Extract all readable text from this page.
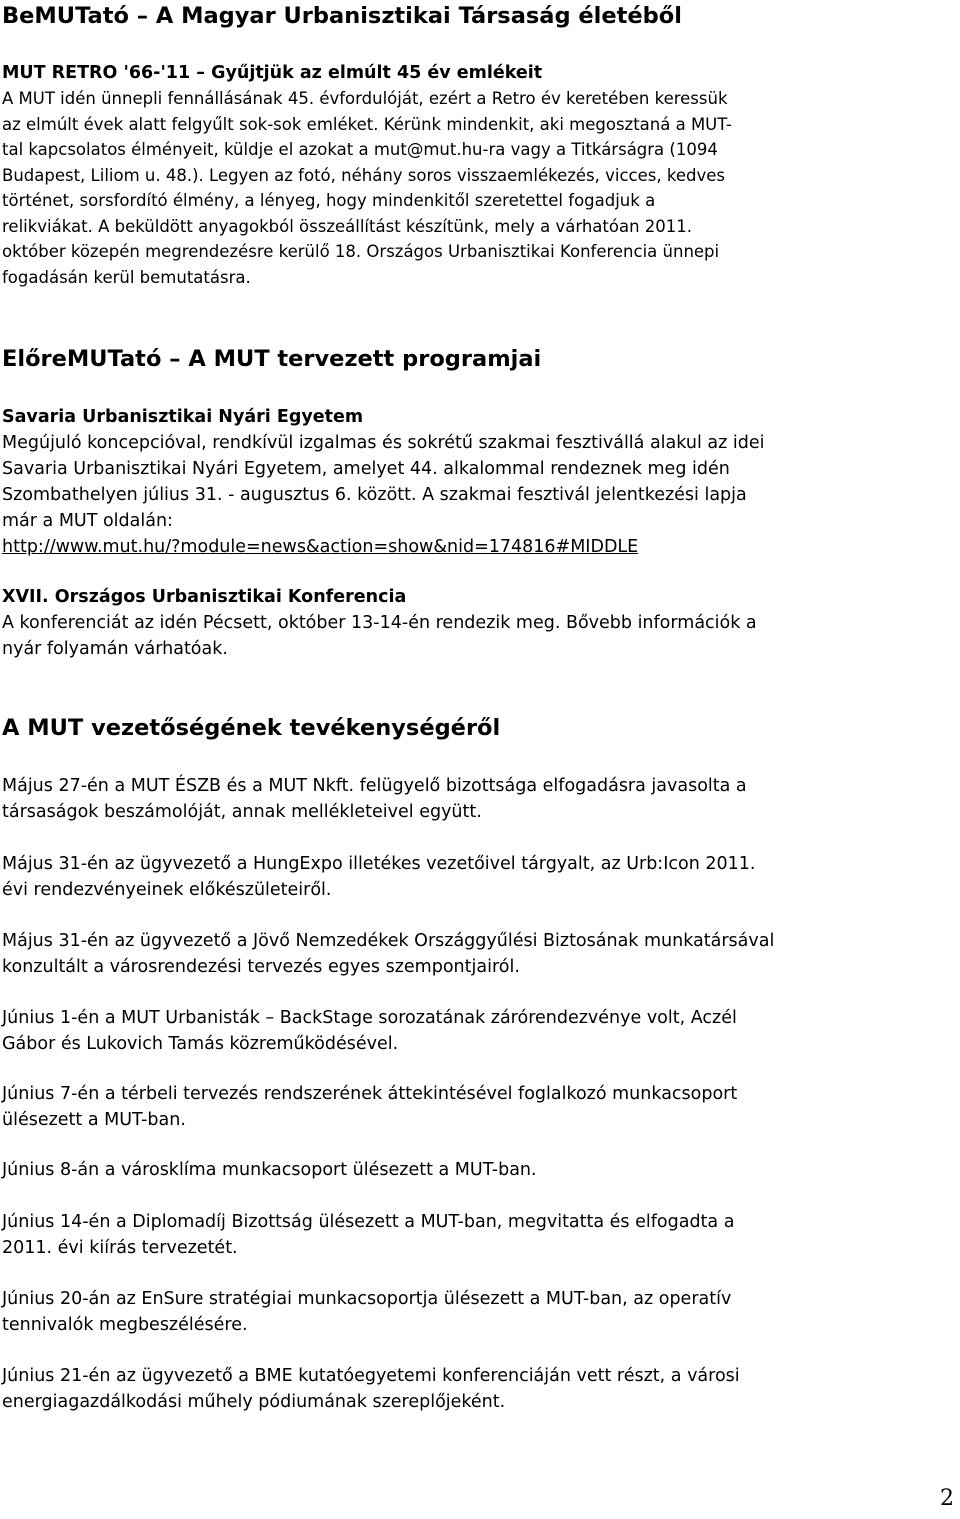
BeMUTató – A Magyar Urbanisztikai Társaság életéből
MUT RETRO '66-'11 – Gyűjtjük az elmúlt 45 év emlékeit
A MUT idén ünnepli fennállásának 45. évfordulóját, ezért a Retro év keretében keressük
az elmúlt évek alatt felgyűlt sok-sok emléket. Kérünk mindenkit, aki megosztaná a MUT-
tal kapcsolatos élményeit, küldje el azokat a mut@mut.hu-ra vagy a Titkárságra (1094
Budapest, Liliom u. 48.). Legyen az fotó, néhány soros visszaemlékezés, vicces, kedves
történet, sorsfordító élmény, a lényeg, hogy mindenkitől szeretettel fogadjuk a
relikviákat. A beküldött anyagokból összeállítást készítünk, mely a várhatóan 2011.
október közepén megrendezésre kerülő 18. Országos Urbanisztikai Konferencia ünnepi
fogadásán kerül bemutatásra.
ElőreMUTató – A MUT tervezett programjai
Savaria Urbanisztikai Nyári Egyetem
Megújuló koncepcióval, rendkívül izgalmas és sokrétű szakmai fesztivállá alakul az idei
Savaria Urbanisztikai Nyári Egyetem, amelyet 44. alkalommal rendeznek meg idén
Szombathelyen július 31. - augusztus 6. között. A szakmai fesztivál jelentkezési lapja
már a MUT oldalán:
http://www.mut.hu/?module=news&action=show&nid=174816#MIDDLE
XVII. Országos Urbanisztikai Konferencia
A konferenciát az idén Pécsett, október 13-14-én rendezik meg. Bővebb információk a
nyár folyamán várhatóak.
A MUT vezetőségének tevékenységéről
Május 27-én a MUT ÉSZB és a MUT Nkft. felügyelő bizottsága elfogadásra javasolta a
társaságok beszámolóját, annak mellékleteivel együtt.
Május 31-én az ügyvezető a HungExpo illetékes vezetőivel tárgyalt, az Urb:Icon 2011.
évi rendezvényeinek előkészületeiről.
Május 31-én az ügyvezető a Jövő Nemzedékek Országgyűlési Biztosának munkatársával
konzultált a városrendezési tervezés egyes szempontjairól.
Június 1-én a MUT Urbanisták – BackStage sorozatának zárórendezvénye volt, Aczél
Gábor és Lukovich Tamás közreműködésével.
Június 7-én a térbeli tervezés rendszerének áttekintésével foglalkozó munkacsoport
ülésezett a MUT-ban.
Június 8-án a városklíma munkacsoport ülésezett a MUT-ban.
Június 14-én a Diplomadíj Bizottság ülésezett a MUT-ban, megvitatta és elfogadta a
2011. évi kiírás tervezetét.
Június 20-án az EnSure stratégiai munkacsoportja ülésezett a MUT-ban, az operatív
tennivalók megbeszélésére.
Június 21-én az ügyvezető a BME kutatóegyetemi konferenciáján vett részt, a városi
energiagazdálkodási műhely pódiumának szereplőjeként.
2
